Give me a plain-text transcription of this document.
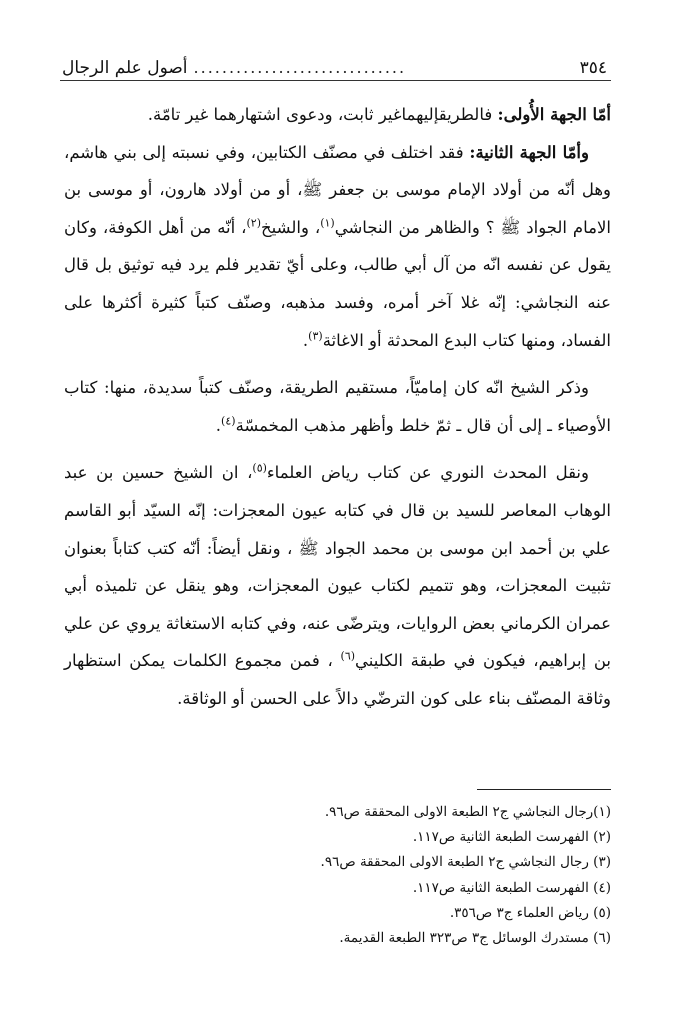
٣٥٤
..............................
أصول علم الرجال

أمّا الجهة الأُولى: فالطريقإليهماغير ثابت، ودعوى اشتهارهما غير تامّة.

وأمّا الجهة الثانية: فقد اختلف في مصنّف الكتابين، وفي نسبته إلى بني هاشم، وهل أنّه من أولاد الإمام موسى بن جعفر ﷺ، أو من أولاد هارون، أو موسى بن الامام الجواد ﷺ ؟ والظاهر من النجاشي$^{(١)}$، والشيخ$^{(٢)}$، أنّه من أهل الكوفة، وكان يقول عن نفسه انّه من آل أبي طالب، وعلى أيّ تقدير فلم يرد فيه توثيق بل قال عنه النجاشي: إنّه غلا آخر أمره، وفسد مذهبه، وصنّف كتباً كثيرة أكثرها على الفساد، ومنها كتاب البدع المحدثة أو الاغاثة$^{(٣)}$.

وذكر الشيخ انّه كان إماميّاً، مستقيم الطريقة، وصنّف كتباً سديدة، منها: كتاب الأوصياء ـ إلى أن قال ـ ثمّ خلط وأظهر مذهب المخمسّة$^{(٤)}$.

ونقل المحدث النوري عن كتاب رياض العلماء$^{(٥)}$، ان الشيخ حسين بن عبد الوهاب المعاصر للسيد بن قال في كتابه عيون المعجزات: إنّه السيّد أبو القاسم علي بن أحمد ابن موسى بن محمد الجواد ﷺ ، ونقل أيضاً: أنّه كتب كتاباً بعنوان تثبيت المعجزات، وهو تتميم لكتاب عيون المعجزات، وهو ينقل عن تلميذه أبي عمران الكرماني بعض الروايات، ويترضّى عنه، وفي كتابه الاستغاثة يروي عن علي بن إبراهيم، فيكون في طبقة الكليني$^{(٦)}$ ، فمن مجموع الكلمات يمكن استظهار وثاقة المصنّف بناء على كون الترضّي دالاً على الحسن أو الوثاقة.

(١)رجال النجاشي ج٢ الطبعة الاولى المحققة ص٩٦.
(٢) الفهرست الطبعة الثانية ص١١٧.
(٣) رجال النجاشي ج٢ الطبعة الاولى المحققة ص٩٦.
(٤) الفهرست الطبعة الثانية ص١١٧.
(٥) رياض العلماء ج٣ ص٣٥٦.
(٦) مستدرك الوسائل ج٣ ص٣٢٣ الطبعة القديمة.
